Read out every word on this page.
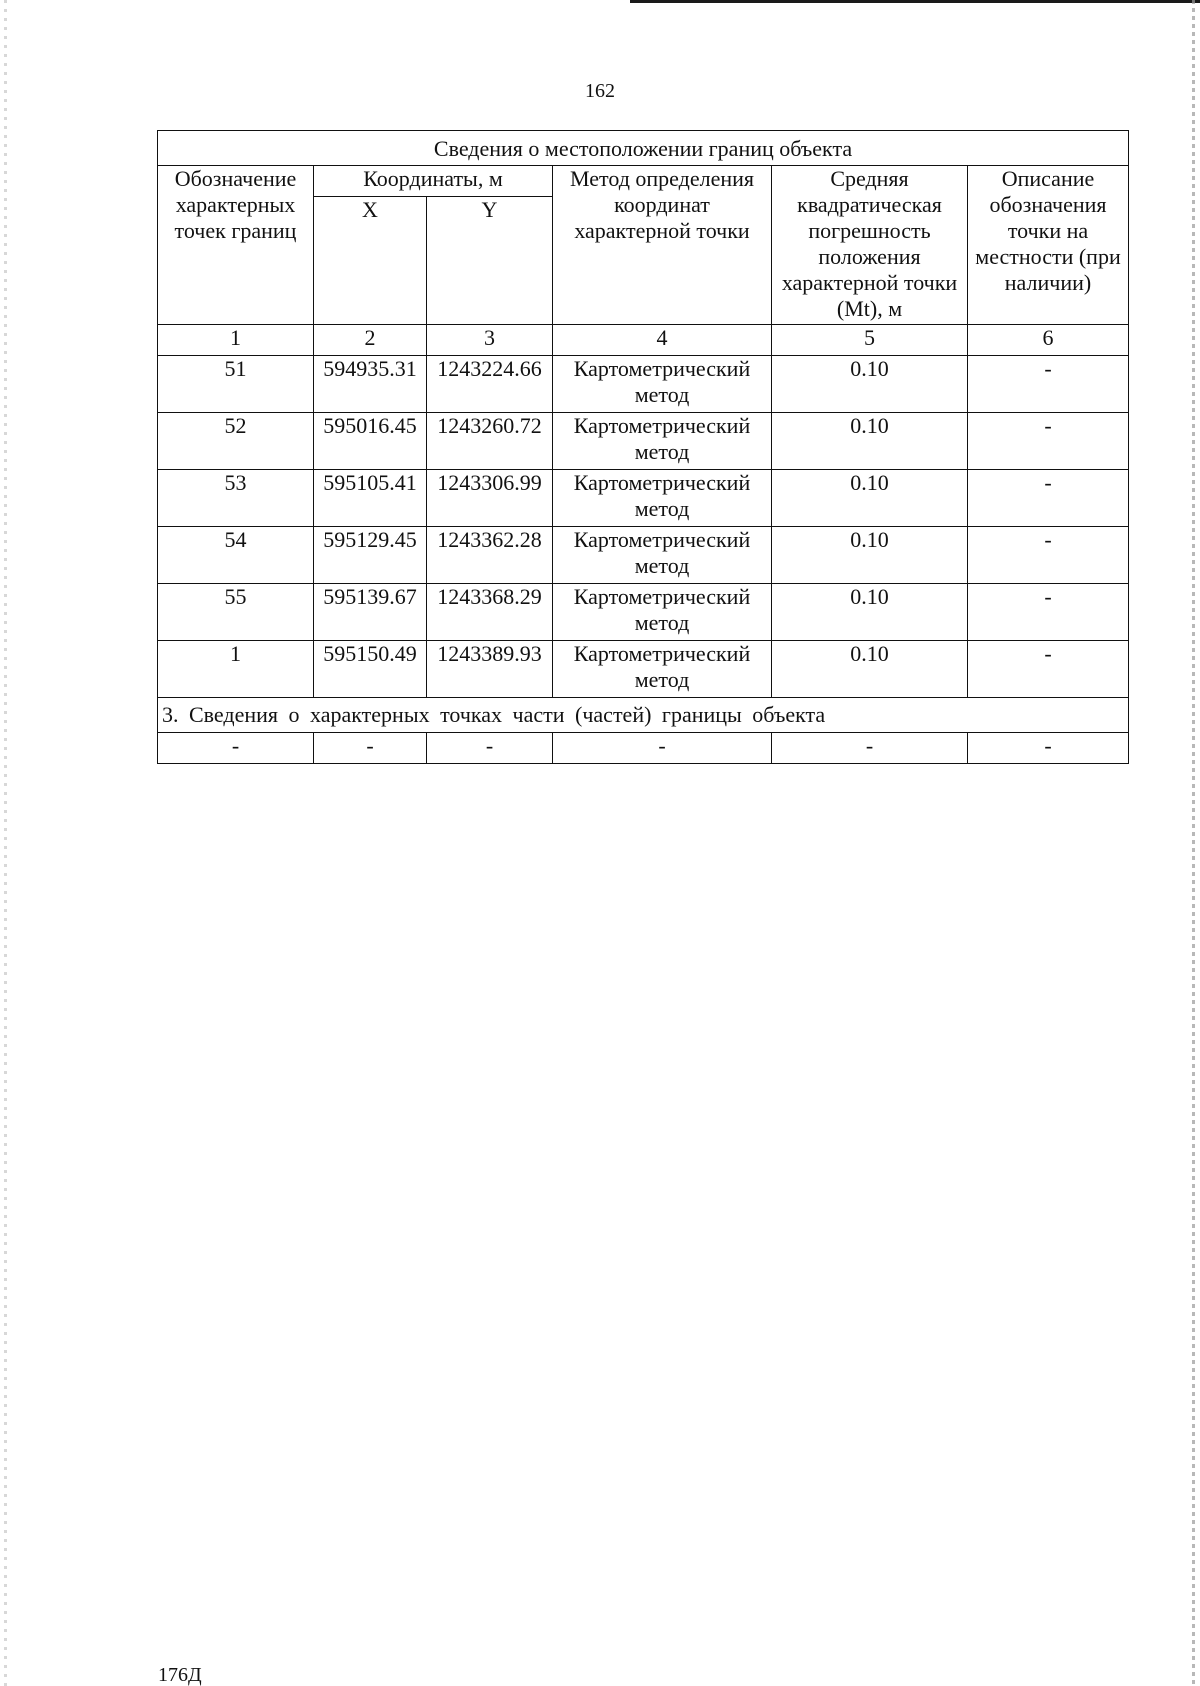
162
Сведения о местоположении границ объекта					
Обозначение характерных точек границ	Координаты, м		Метод определения координат характерной точки	Средняя квадратическая погрешность положения характерной точки (Mt), м	Описание обозначения точки на местности (при наличии)
	X	Y			
1	2	3	4	5	6
51	594935.31	1243224.66	Картометрический метод	0.10	-
52	595016.45	1243260.72	Картометрический метод	0.10	-
53	595105.41	1243306.99	Картометрический метод	0.10	-
54	595129.45	1243362.28	Картометрический метод	0.10	-
55	595139.67	1243368.29	Картометрический метод	0.10	-
1	595150.49	1243389.93	Картометрический метод	0.10	-
3. Сведения о характерных точках части (частей) границы объекта					
-	-	-	-	-	-
176Д
